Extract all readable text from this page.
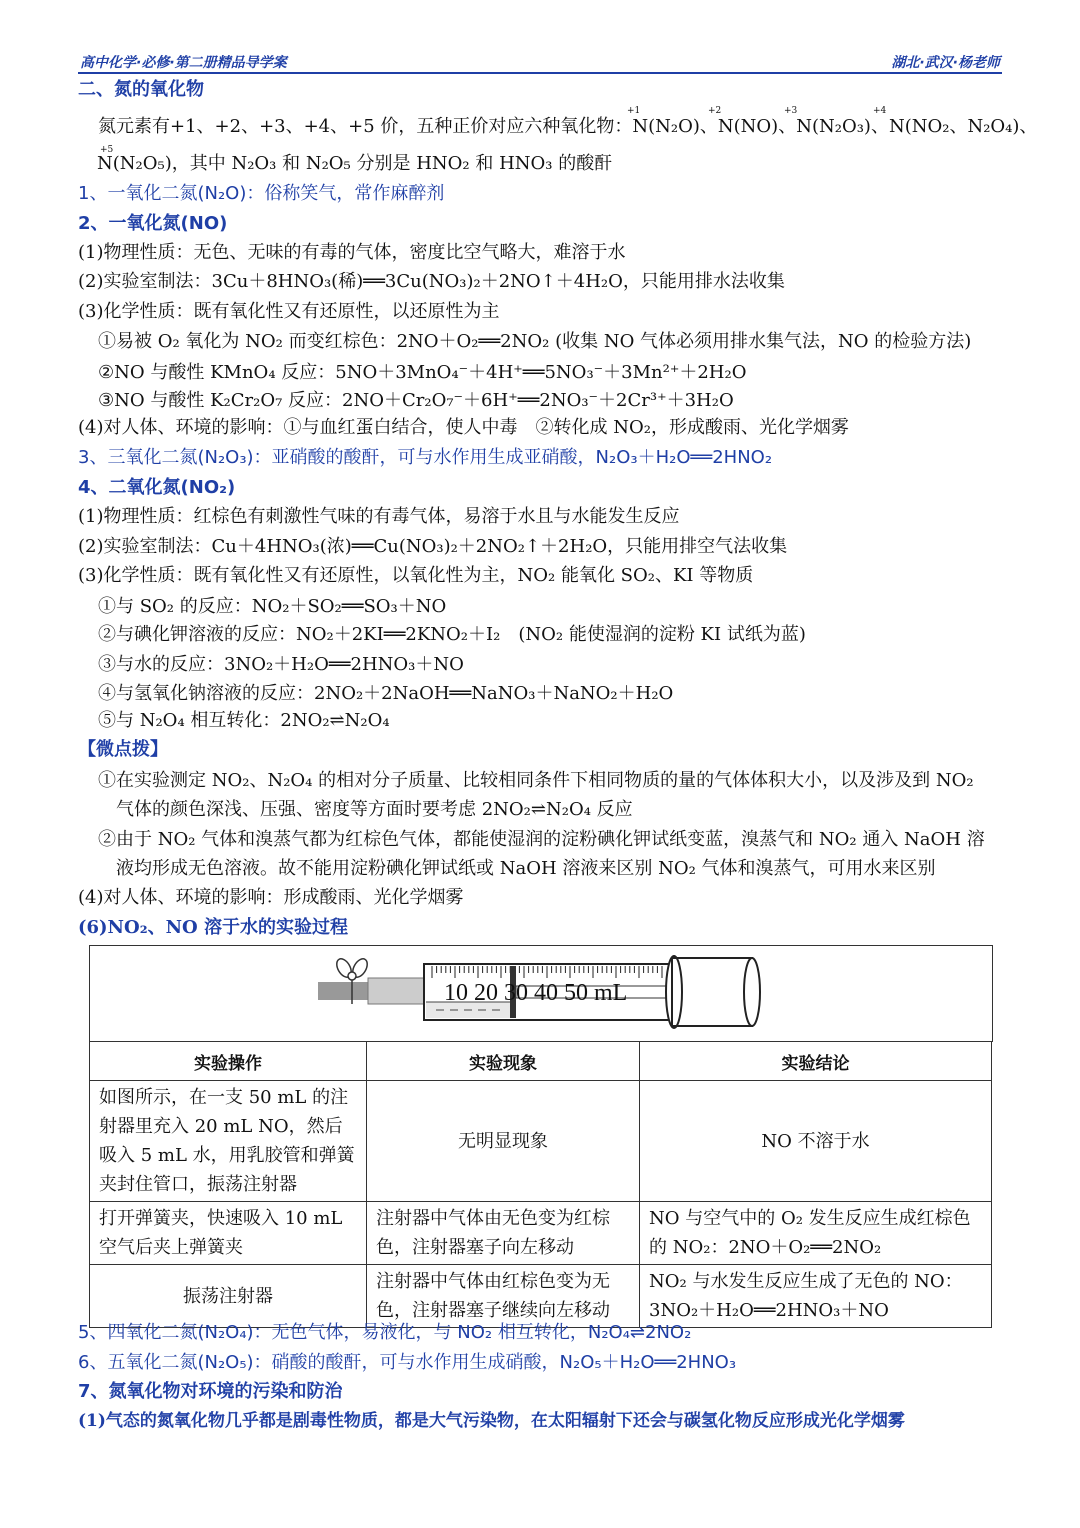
高中化学·必修·第二册精品导学案	湖北·武汉·杨老师
二、氮的氧化物
+1	+2	+3	+4
+5
氮元素有+1、+2、+3、+4、+5 价，五种正价对应六种氧化物：N(N₂O)、N(NO)、N(N₂O₃)、N(NO₂、N₂O₄)、
N(N₂O₅)，其中 N₂O₃ 和 N₂O₅ 分别是 HNO₂ 和 HNO₃ 的酸酐
1、一氧化二氮(N₂O)：俗称笑气，常作麻醉剂
2、一氧化氮(NO)
(1)物理性质：无色、无味的有毒的气体，密度比空气略大，难溶于水
(2)实验室制法：3Cu＋8HNO₃(稀)══3Cu(NO₃)₂＋2NO↑＋4H₂O，只能用排水法收集
(3)化学性质：既有氧化性又有还原性，以还原性为主
①易被 O₂ 氧化为 NO₂ 而变红棕色：2NO＋O₂══2NO₂ (收集 NO 气体必须用排水集气法，NO 的检验方法)
②NO 与酸性 KMnO₄ 反应：5NO＋3MnO₄⁻＋4H⁺══5NO₃⁻＋3Mn²⁺＋2H₂O
③NO 与酸性 K₂Cr₂O₇ 反应：2NO＋Cr₂O₇⁻＋6H⁺══2NO₃⁻＋2Cr³⁺＋3H₂O
(4)对人体、环境的影响：①与血红蛋白结合，使人中毒　②转化成 NO₂，形成酸雨、光化学烟雾
3、三氧化二氮(N₂O₃)：亚硝酸的酸酐，可与水作用生成亚硝酸，N₂O₃＋H₂O══2HNO₂
4、二氧化氮(NO₂)
(1)物理性质：红棕色有刺激性气味的有毒气体，易溶于水且与水能发生反应
(2)实验室制法：Cu＋4HNO₃(浓)══Cu(NO₃)₂＋2NO₂↑＋2H₂O，只能用排空气法收集
(3)化学性质：既有氧化性又有还原性，以氧化性为主，NO₂ 能氧化 SO₂、KI 等物质
①与 SO₂ 的反应：NO₂＋SO₂══SO₃＋NO
②与碘化钾溶液的反应：NO₂＋2KI══2KNO₂＋I₂　(NO₂ 能使湿润的淀粉 KI 试纸为蓝)
③与水的反应：3NO₂＋H₂O══2HNO₃＋NO
④与氢氧化钠溶液的反应：2NO₂＋2NaOH══NaNO₃＋NaNO₂＋H₂O
⑤与 N₂O₄ 相互转化：2NO₂⇌N₂O₄
【微点拨】
①在实验测定 NO₂、N₂O₄ 的相对分子质量、比较相同条件下相同物质的量的气体体积大小，以及涉及到 NO₂
气体的颜色深浅、压强、密度等方面时要考虑 2NO₂⇌N₂O₄ 反应
②由于 NO₂ 气体和溴蒸气都为红棕色气体，都能使湿润的淀粉碘化钾试纸变蓝，溴蒸气和 NO₂ 通入 NaOH 溶
液均形成无色溶液。故不能用淀粉碘化钾试纸或 NaOH 溶液来区别 NO₂ 气体和溴蒸气，可用水来区别
(4)对人体、环境的影响：形成酸雨、光化学烟雾
(6)NO₂、NO 溶于水的实验过程
10 20 30 40 50 mL
实验操作	实验现象	实验结论
如图所示，在一支 50 mL 的注射器里充入 20 mL NO，然后吸入 5 mL 水，用乳胶管和弹簧夹封住管口，振荡注射器	无明显现象	NO 不溶于水
打开弹簧夹，快速吸入 10 mL 空气后夹上弹簧夹	注射器中气体由无色变为红棕色，注射器塞子向左移动	NO 与空气中的 O₂ 发生反应生成红棕色的 NO₂：2NO＋O₂══2NO₂
振荡注射器	注射器中气体由红棕色变为无色，注射器塞子继续向左移动	NO₂ 与水发生反应生成了无色的 NO：3NO₂＋H₂O══2HNO₃＋NO
5、四氧化二氮(N₂O₄)：无色气体，易液化，与 NO₂ 相互转化，N₂O₄⇌2NO₂
6、五氧化二氮(N₂O₅)：硝酸的酸酐，可与水作用生成硝酸，N₂O₅＋H₂O══2HNO₃
7、氮氧化物对环境的污染和防治
(1)气态的氮氧化物几乎都是剧毒性物质，都是大气污染物，在太阳辐射下还会与碳氢化物反应形成光化学烟雾
